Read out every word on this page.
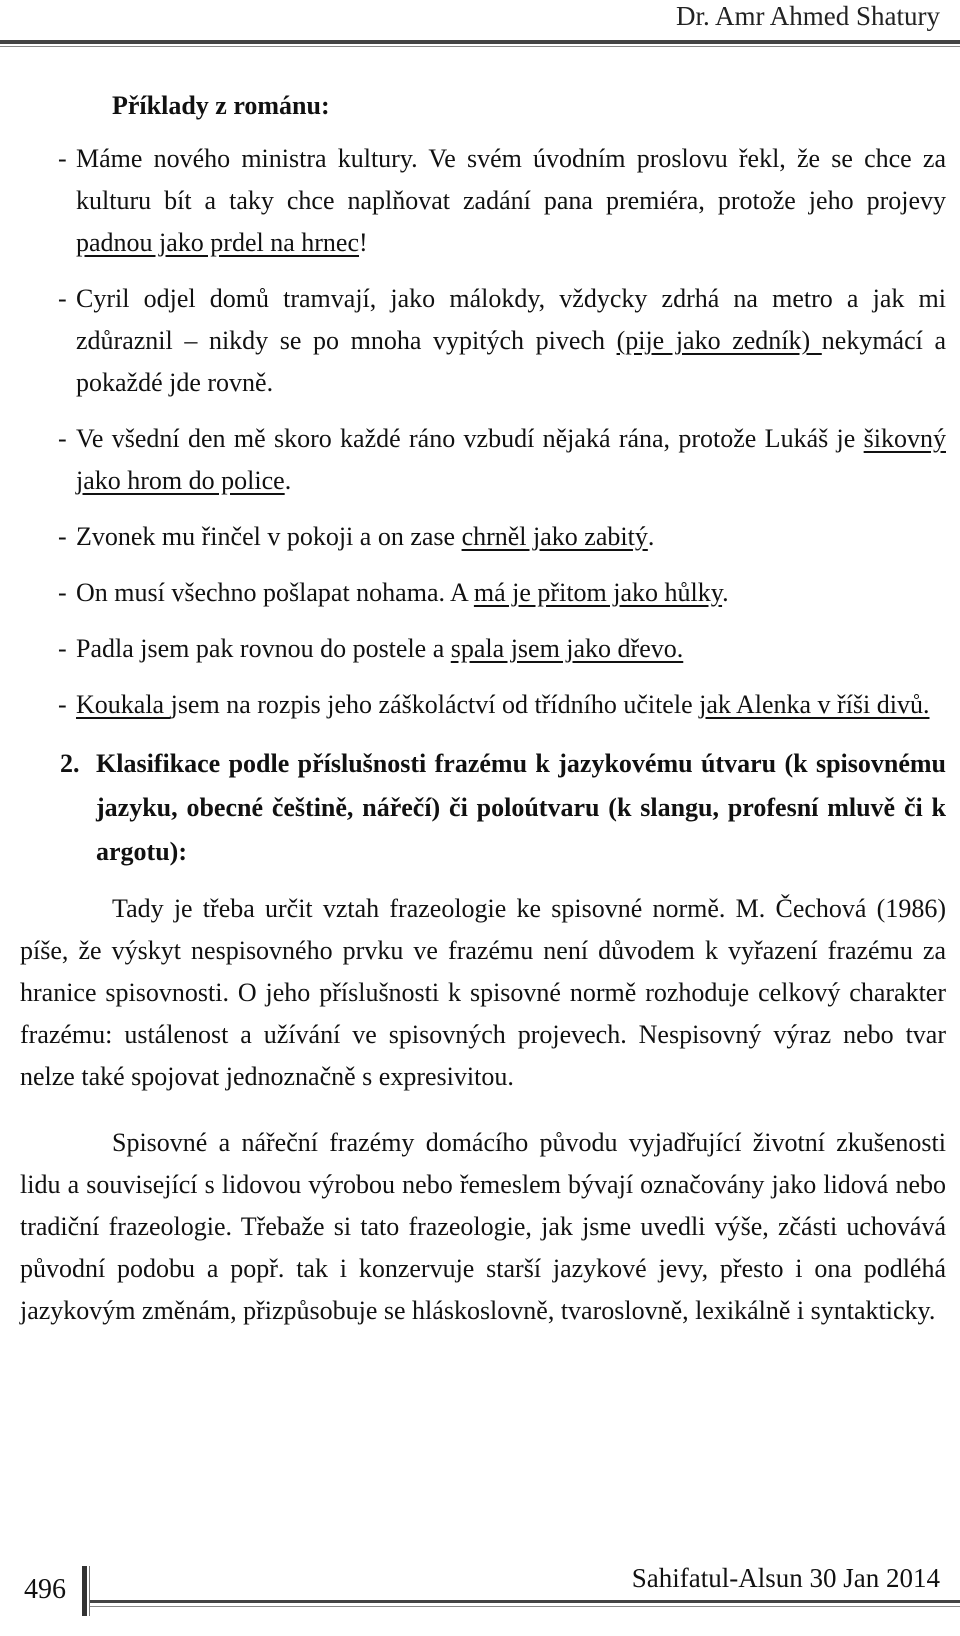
Dr. Amr Ahmed Shatury
Příklady z románu:
- Máme nového ministra kultury. Ve svém úvodním proslovu řekl, že se chce za kulturu bít a taky chce naplňovat zadání pana premiéra, protože jeho projevy padnou jako prdel na hrnec!
- Cyril odjel domů tramvají, jako málokdy, vždycky zdrhá na metro a jak mi zdůraznil – nikdy se po mnoha vypitých pivech (pije jako zedník) nekymácí a pokaždé jde rovně.
- Ve všední den mě skoro každé ráno vzbudí nějaká rána, protože Lukáš je šikovný jako hrom do police.
- Zvonek mu řinčel v pokoji a on zase chrněl jako zabitý.
- On musí všechno pošlapat nohama. A má je přitom jako hůlky.
- Padla jsem pak rovnou do postele a spala jsem jako dřevo.
- Koukala jsem na rozpis jeho záškoláctví od třídního učitele jak Alenka v říši divů.
2. Klasifikace podle příslušnosti frazému k jazykovému útvaru (k spisovnému jazyku, obecné češtině, nářečí) či poloútvaru (k slangu, profesní mluvě či k argotu):

Tady je třeba určit vztah frazeologie ke spisovné normě. M. Čechová (1986) píše, že výskyt nespisovného prvku ve frazému není důvodem k vyřazení frazému za hranice spisovnosti. O jeho příslušnosti k spisovné normě rozhoduje celkový charakter frazému: ustálenost a užívání ve spisovných projevech. Nespisovný výraz nebo tvar nelze také spojovat jednoznačně s expresivitou.

Spisovné a nářeční frazémy domácího původu vyjadřující životní zkušenosti lidu a související s lidovou výrobou nebo řemeslem bývají označovány jako lidová nebo tradiční frazeologie. Třebaže si tato frazeologie, jak jsme uvedli výše, zčásti uchovává původní podobu a popř. tak i konzervuje starší jazykové jevy, přesto i ona podléhá jazykovým změnám, přizpůsobuje se hláskoslovně, tvaroslovně, lexikálně i syntakticky.

496	Sahifatul-Alsun 30 Jan 2014
